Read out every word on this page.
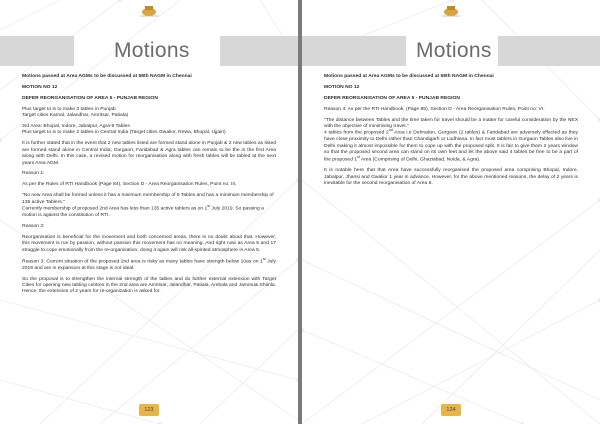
Motions

Motions passed at Area AGMs to be discussed at 58th NAGM in Chennai

MOTION NO 12

DEFER REORGANISATION OF AREA 5 - PUNJAB REGION

Plus target to is to make 3 tables in Punjab
Target cities Karnal, Jalandhar, Amritsar, Patiala)

3rd Area: Bhopal, Indore, Jabalpur, Agra-9 Tables
Plus target to is to make 2 tables in Central India (Target cities Gwalior, Rewa, Bhopal, Ujjain)

It is further stated that in the event that 2 new tables listed are formed stand alone in Punjab & 2 new tables as listed are formed stand alone in Central India; Gurgaon, Faridabad & Agra tables can remain to be the in the first Area along with Delhi. In this case, a revised motion for reorganisation along with fresh tables will be tabled at the next years Area AGM.

Reason 1:

As per the Rules of RTI Handbook (Page 84), Section D - Area Reorganisation Rules, Point no: III,

"No new Area shall be formed unless it has a minimum membership of 9 Tables and has a minimum membership of 135 active Tablers."
Currently membership of proposed 2nd Area has less than 135 active tablers as on 1st July 2019. So passing a motion is against the constitution of RTI.

Reason 2:

Reorganisation is beneficial for the movement and both concerned areas, there is no doubt about that. However, this movement is run by passion, without passion this movement has no meaning. And right now as Area 5 and 17 struggle to cope emotionally from the re-organisation, doing it again will risk all-spirited atmosphere in Area 5.

Reason 3: Current situation of the proposed 2nd area is risky as many tables have strength below 10as on 1st July 2019 and are in expansion at this stage is not ideal.

So the proposal is to strengthen the internal strength of the tables and do further external extension with Target Cities for opening new tabling centres in the 2nd area are Amritsar, Jalandhar, Patiala, Ambala and Jammu& Shimla. Hence, the extension of 2 years for re-organization is asked for.

123
Motions

Motions passed at Area AGMs to be discussed at 58th NAGM in Chennai

MOTION NO 12

DEFER REORGANISATION OF AREA 5 - PUNJAB REGION

Reason 4: As per the RTI Handbook, (Page 85), Section D - Area Reorganisation Rules, Point no: VI.

"The distance between Tables and the time taken for travel should be a matter for careful consideration by the NEX with the objective of minimising travel."

4 tables from the proposed 2nd Area i.e Dehradun, Gurgaon (2 tables) & Faridabad are adversely effected as they have close proximity to Delhi rather than Chandigarh or Ludhiana. In fact most tablers in Gurgaon Tables also live in Delhi making it almost impossible for them to cope up with the proposed split. It is fair to give them 2 years window so that the proposed second area can stand on its own feet and let the above said 4 tables be free to be a part of the proposed 1st Area (Comprising of Delhi, Ghaziabad, Noida, & Agra).

It is notable here that that Area have successfully reorganised the proposed area comprising Bhopal, Indore, Jabalpur, Jhansi and Gwalior 1 year in advance. However, for the above mentioned reasons, the delay of 2 years is inevitable for the second reorganisation of Area 5.

124
